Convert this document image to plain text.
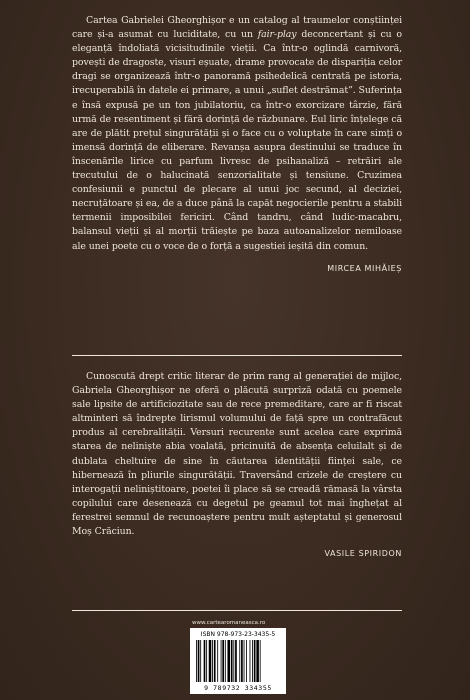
Cartea Gabrielei Gheorghișor e un catalog al traumelor conștiinței care și-a asumat cu luciditate, cu un fair-play deconcertant și cu o eleganță îndoliată vicisitudinile vieții. Ca într-o oglindă carnivoră, povești de dragoste, visuri eșuate, drame provocate de dispariția celor dragi se organizează într-o panoramă psihedelică centrată pe istoria, irecuperabilă în datele ei primare, a unui „suflet destrămat”. Suferința e însă expusă pe un ton jubilatoriu, ca într-o exorcizare târzie, fără urmă de resentiment și fără dorință de răzbunare. Eul liric înțelege că are de plătit prețul singurătății și o face cu o voluptate în care simți o imensă dorință de eliberare. Revanșa asupra destinului se traduce în înscenările lirice cu parfum livresc de psihanaliză – retrăiri ale trecutului de o halucinată senzorialitate și tensiune. Cruzimea confesiunii e punctul de plecare al unui joc secund, al deciziei, necruțătoare și ea, de a duce până la capăt negocierile pentru a stabili termenii imposibilei fericiri. Când tandru, când ludic-macabru, balansul vieții și al morții trăiește pe baza autoanalizelor nemiloase ale unei poete cu o voce de o forță a sugestiei ieșită din comun.

MIRCEA MIHĂIEȘ

Cunoscută drept critic literar de prim rang al generației de mijloc, Gabriela Gheorghișor ne oferă o plăcută surpriză odată cu poemele sale lipsite de artificiozitate sau de rece premeditare, care ar fi riscat altminteri să îndrepte lirismul volumului de față spre un contrafăcut produs al cerebralității. Versuri recurente sunt acelea care exprimă starea de neliniște abia voalată, pricinuită de absența celuilalt și de dublata cheltuire de sine în căutarea identității ființei sale, ce hibernează în pliurile singurătății. Traversând crizele de creștere cu interogații neliniștitoare, poetei îi place să se creadă rămasă la vârsta copilului care desenează cu degetul pe geamul tot mai înghețat al ferestrei semnul de recunoaștere pentru mult așteptatul și generosul Moș Crăciun.

VASILE SPIRIDON

www.cartearomaneasca.ro

ISBN 978-973-23-3435-5
9 789732 334355
